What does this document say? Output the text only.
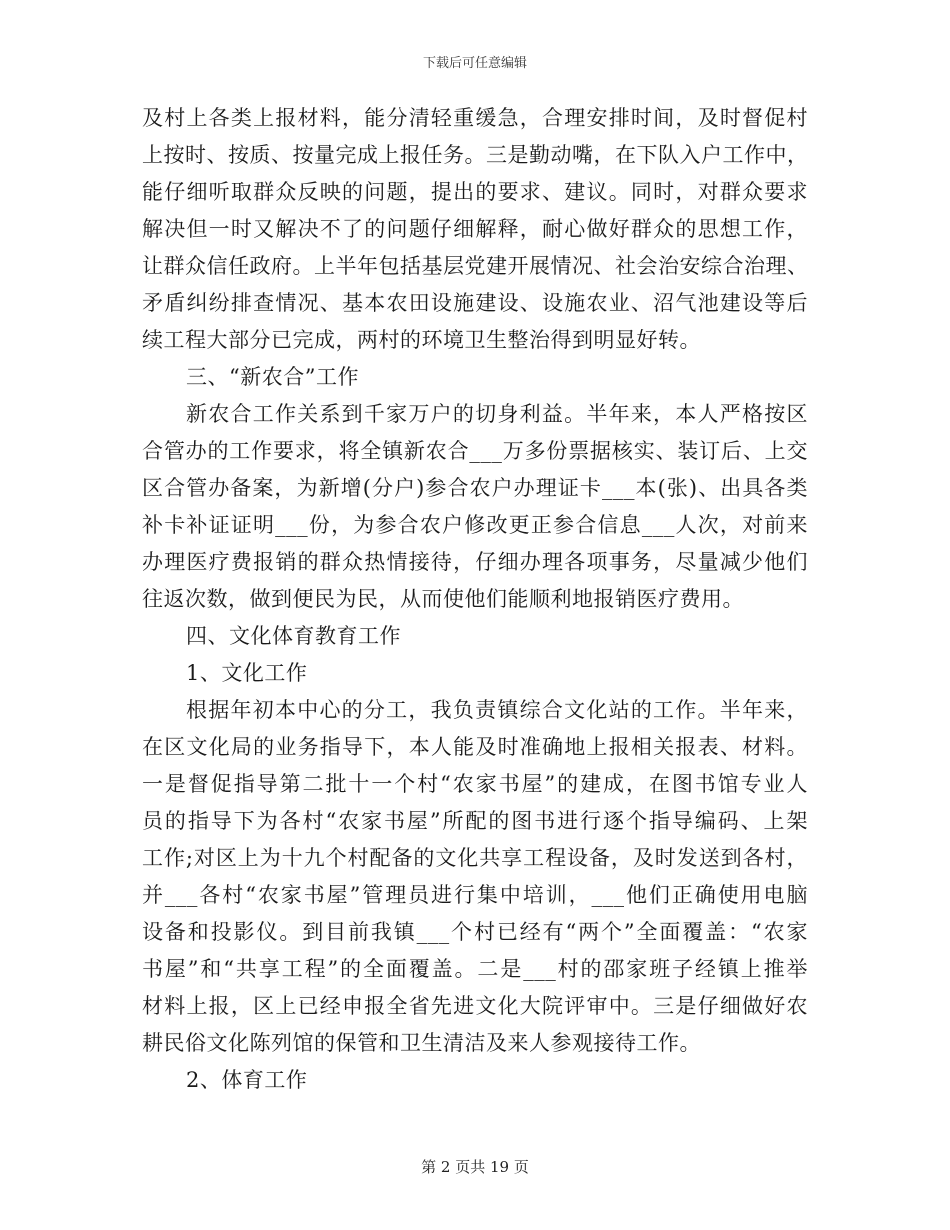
下载后可任意编辑
及村上各类上报材料，能分清轻重缓急，合理安排时间，及时督促村
上按时、按质、按量完成上报任务。三是勤动嘴，在下队入户工作中，
能仔细听取群众反映的问题，提出的要求、建议。同时，对群众要求
解决但一时又解决不了的问题仔细解释，耐心做好群众的思想工作，
让群众信任政府。上半年包括基层党建开展情况、社会治安综合治理、
矛盾纠纷排查情况、基本农田设施建设、设施农业、沼气池建设等后
续工程大部分已完成，两村的环境卫生整治得到明显好转。
三、“新农合”工作
新农合工作关系到千家万户的切身利益。半年来，本人严格按区
合管办的工作要求，将全镇新农合___万多份票据核实、装订后、上交
区合管办备案，为新增(分户)参合农户办理证卡___本(张)、出具各类
补卡补证证明___份，为参合农户修改更正参合信息___人次，对前来
办理医疗费报销的群众热情接待，仔细办理各项事务，尽量减少他们
往返次数，做到便民为民，从而使他们能顺利地报销医疗费用。
四、文化体育教育工作
1、文化工作
根据年初本中心的分工，我负责镇综合文化站的工作。半年来，
在区文化局的业务指导下，本人能及时准确地上报相关报表、材料。
一是督促指导第二批十一个村“农家书屋”的建成，在图书馆专业人
员的指导下为各村“农家书屋”所配的图书进行逐个指导编码、上架
工作;对区上为十九个村配备的文化共享工程设备，及时发送到各村，
并___各村“农家书屋”管理员进行集中培训，___他们正确使用电脑
设备和投影仪。到目前我镇___个村已经有“两个”全面覆盖：“农家
书屋”和“共享工程”的全面覆盖。二是___村的邵家班子经镇上推举
材料上报，区上已经申报全省先进文化大院评审中。三是仔细做好农
耕民俗文化陈列馆的保管和卫生清洁及来人参观接待工作。
2、体育工作
第 2 页共 19 页
